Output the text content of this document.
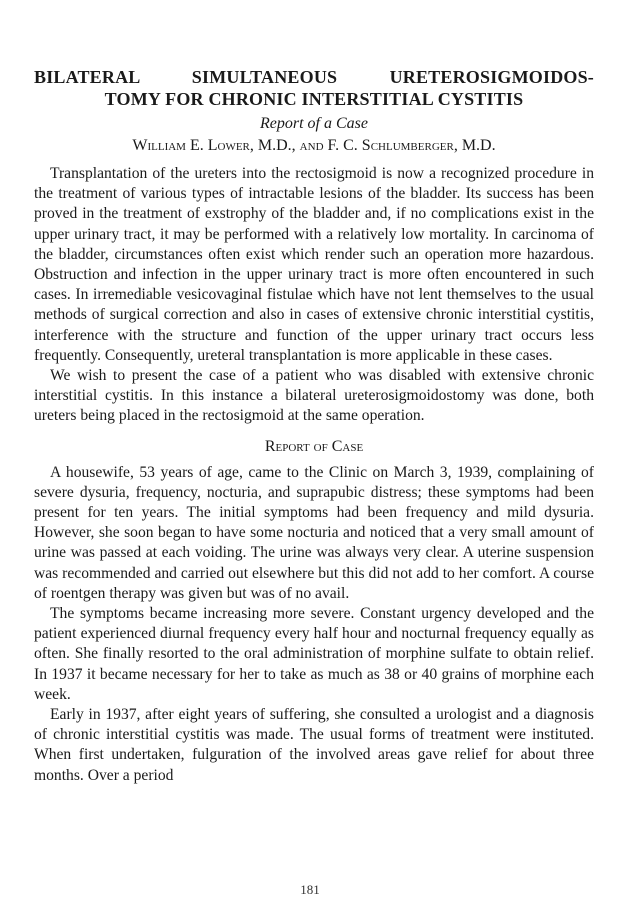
BILATERAL SIMULTANEOUS URETEROSIGMOIDOS-
TOMY FOR CHRONIC INTERSTITIAL CYSTITIS
Report of a Case
William E. Lower, M.D., and F. C. Schlumberger, M.D.

Transplantation of the ureters into the rectosigmoid is now a recognized procedure in the treatment of various types of intractable lesions of the bladder. Its success has been proved in the treatment of exstrophy of the bladder and, if no complications exist in the upper urinary tract, it may be performed with a relatively low mortality. In carcinoma of the bladder, circumstances often exist which render such an operation more hazardous. Obstruction and infection in the upper urinary tract is more often encountered in such cases. In irremediable vesicovaginal fistulae which have not lent themselves to the usual methods of surgical correction and also in cases of extensive chronic interstitial cystitis, interference with the structure and function of the upper urinary tract occurs less frequently. Consequently, ureteral transplantation is more applicable in these cases.

We wish to present the case of a patient who was disabled with extensive chronic interstitial cystitis. In this instance a bilateral ureterosigmoidostomy was done, both ureters being placed in the rectosigmoid at the same operation.

Report of Case

A housewife, 53 years of age, came to the Clinic on March 3, 1939, complaining of severe dysuria, frequency, nocturia, and suprapubic distress; these symptoms had been present for ten years. The initial symptoms had been frequency and mild dysuria. However, she soon began to have some nocturia and noticed that a very small amount of urine was passed at each voiding. The urine was always very clear. A uterine suspension was recommended and carried out elsewhere but this did not add to her comfort. A course of roentgen therapy was given but was of no avail.

The symptoms became increasing more severe. Constant urgency developed and the patient experienced diurnal frequency every half hour and nocturnal frequency equally as often. She finally resorted to the oral administration of morphine sulfate to obtain relief. In 1937 it became necessary for her to take as much as 38 or 40 grains of morphine each week.

Early in 1937, after eight years of suffering, she consulted a urologist and a diagnosis of chronic interstitial cystitis was made. The usual forms of treatment were instituted. When first undertaken, fulguration of the involved areas gave relief for about three months. Over a period

181
